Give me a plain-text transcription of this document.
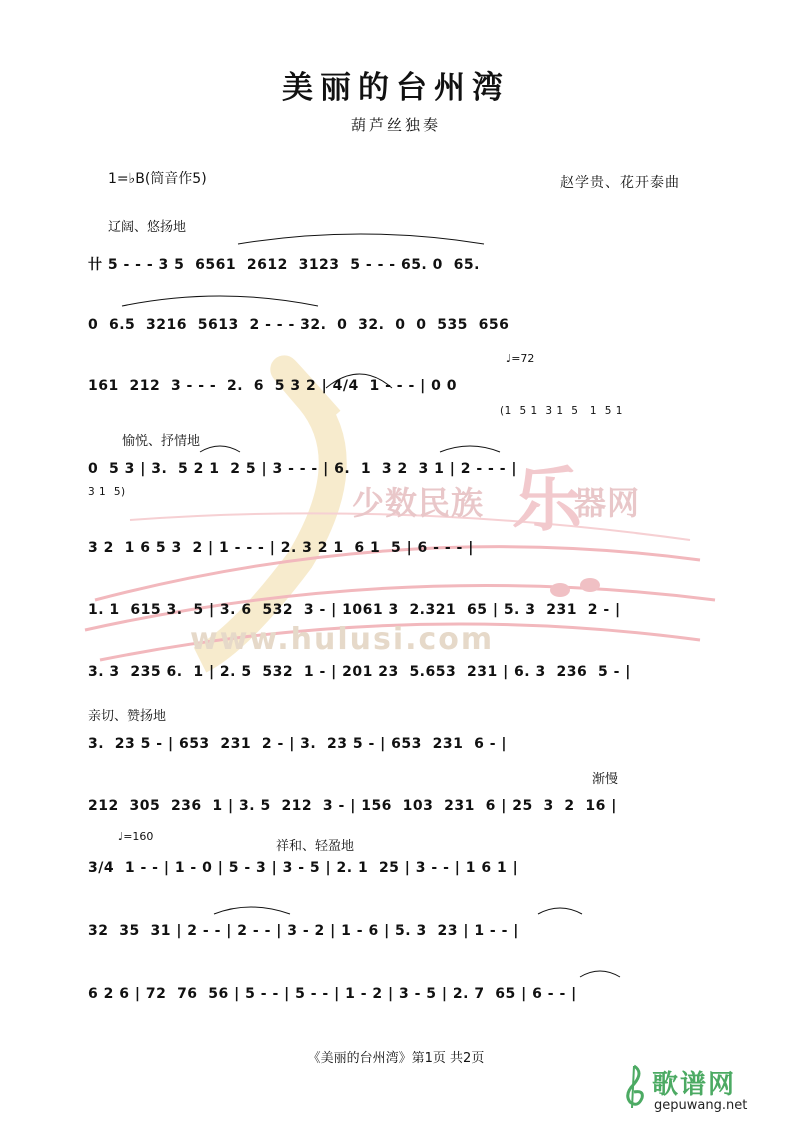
乐
少数民族	器网
www.hulusi.com
美丽的台州湾
葫芦丝独奏
1=♭B(筒音作5)	赵学贵、花开泰曲
辽阔、悠扬地
♩=72
愉悦、抒情地
亲切、赞扬地
渐慢
♩=160
祥和、轻盈地
卄 5 - - - 3 5  6561  2612  3123  5 - - - 65. 0  65.
0  6.5  3216  5613  2 - - - 32.  0  32.  0  0  535  656
161  212  3 - - -  2.  6  5 3 2 | 4/4  1 - - - | 0 0
(1  5 1  3 1  5   1  5 1
0  5 3 | 3.  5 2 1  2 5 | 3 - - - | 6.  1  3 2  3 1 | 2 - - - |
3 1  5)
3 2  1 6 5 3  2 | 1 - - - | 2. 3 2 1  6 1  5 | 6 - - - |
1. 1  615 3.  5 | 3. 6  532  3 - | 1061 3  2.321  65 | 5. 3  231  2 - |
3. 3  235 6.  1 | 2. 5  532  1 - | 201 23  5.653  231 | 6. 3  236  5 - |
3.  23 5 - | 653  231  2 - | 3.  23 5 - | 653  231  6 - |
212  305  236  1 | 3. 5  212  3 - | 156  103  231  6 | 25  3  2  16 |
3/4  1 - - | 1 - 0 | 5 - 3 | 3 - 5 | 2. 1  25 | 3 - - | 1 6 1 |
32  35  31 | 2 - - | 2 - - | 3 - 2 | 1 - 6 | 5. 3  23 | 1 - - |
6 2 6 | 72  76  56 | 5 - - | 5 - - | 1 - 2 | 3 - 5 | 2. 7  65 | 6 - - |
《美丽的台州湾》第1页 共2页
歌谱网
gepuwang.net
